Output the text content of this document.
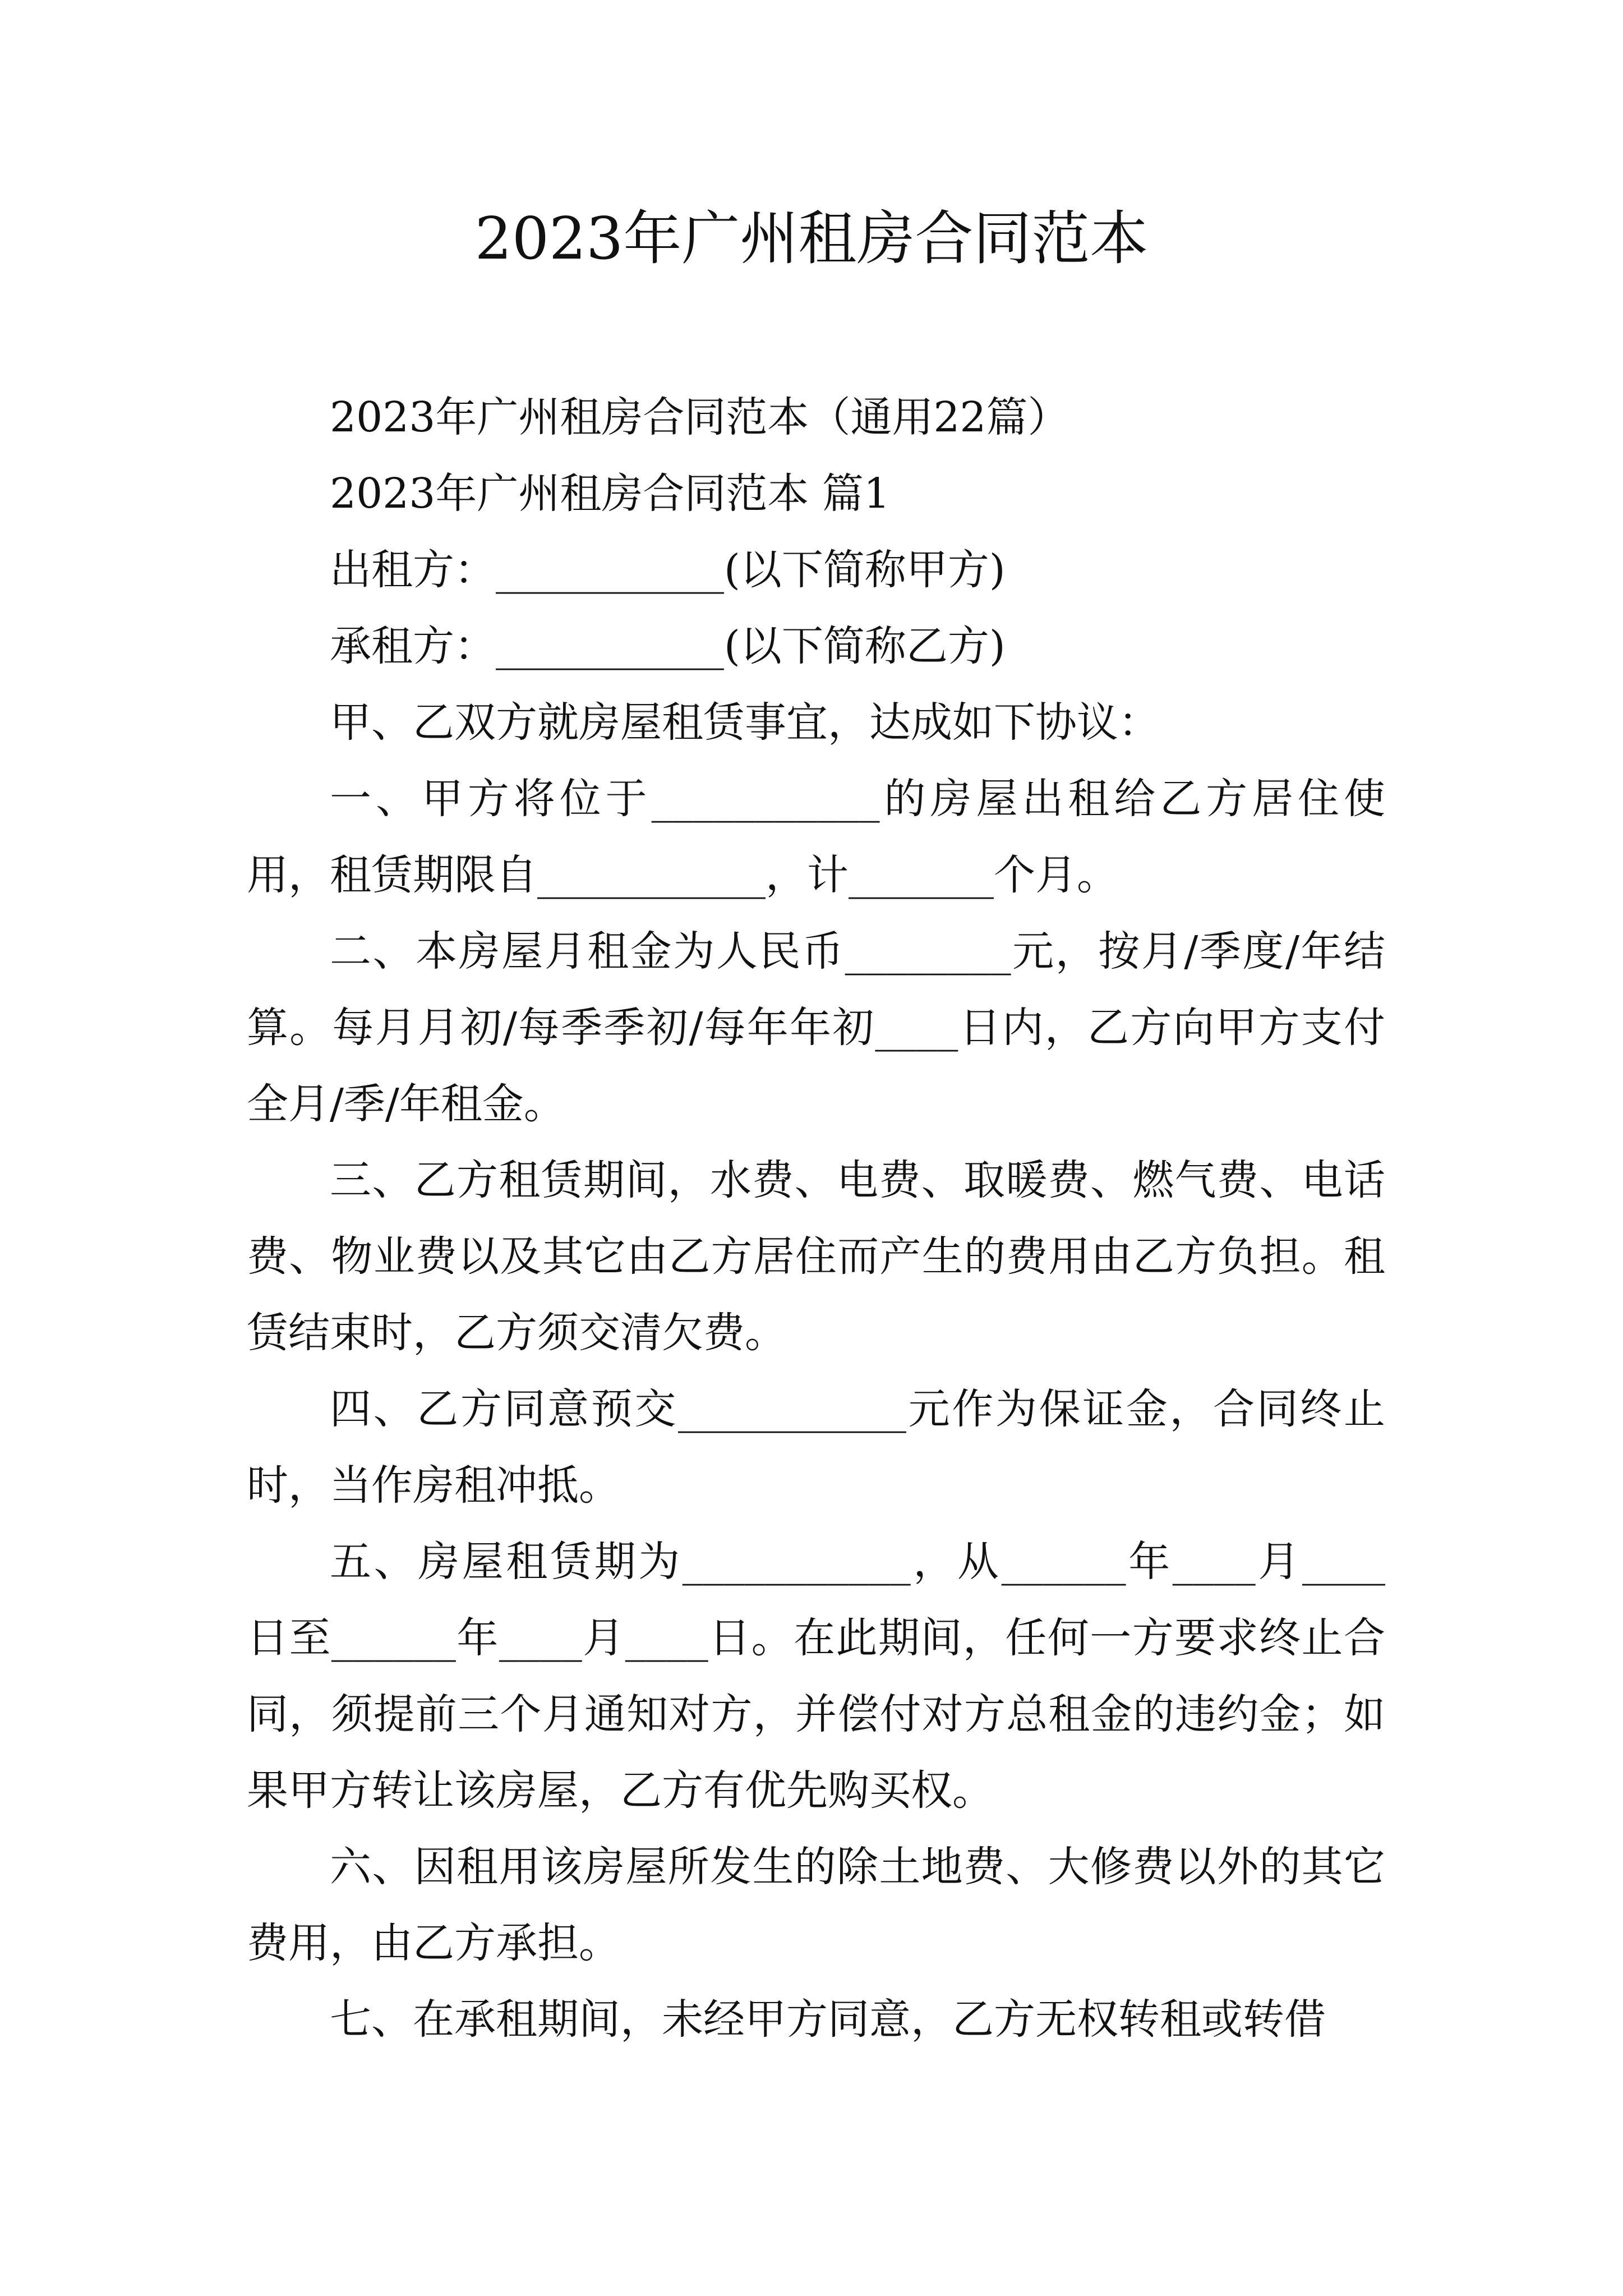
2023年广州租房合同范本

2023年广州租房合同范本（通用22篇）

2023年广州租房合同范本 篇1

出租方：___________(以下简称甲方)

承租方：___________(以下简称乙方)

甲、乙双方就房屋租赁事宜，达成如下协议：

一、甲方将位于___________的房屋出租给乙方居住使用，租赁期限自___________，计_______个月。

二、本房屋月租金为人民币________元，按月/季度/年结算。每月月初/每季季初/每年年初____日内，乙方向甲方支付全月/季/年租金。

三、乙方租赁期间，水费、电费、取暖费、燃气费、电话费、物业费以及其它由乙方居住而产生的费用由乙方负担。租赁结束时，乙方须交清欠费。

四、乙方同意预交___________元作为保证金，合同终止时，当作房租冲抵。

五、房屋租赁期为___________，从______年____月____日至______年____月____日。在此期间，任何一方要求终止合同，须提前三个月通知对方，并偿付对方总租金的违约金；如果甲方转让该房屋，乙方有优先购买权。

六、因租用该房屋所发生的除土地费、大修费以外的其它费用，由乙方承担。

七、在承租期间，未经甲方同意，乙方无权转租或转借
